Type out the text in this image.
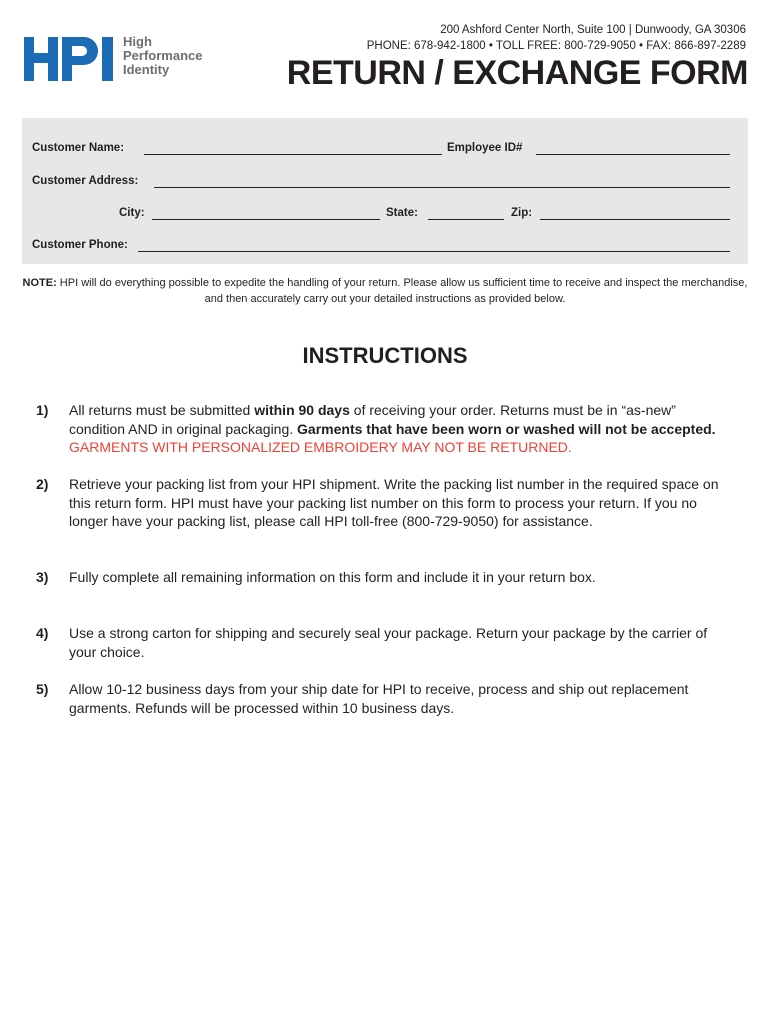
High
Performance
Identity
200 Ashford Center North, Suite 100 | Dunwoody, GA 30306
PHONE: 678-942-1800 • TOLL FREE: 800-729-9050 • FAX: 866-897-2289
RETURN / EXCHANGE FORM
Customer Name:	Employee ID#
Customer Address:
City:	State:	Zip:
Customer Phone:
NOTE: HPI will do everything possible to expedite the handling of your return. Please allow us sufficient time to receive and inspect the merchandise, and then accurately carry out your detailed instructions as provided below.
INSTRUCTIONS
1) All returns must be submitted within 90 days of receiving your order. Returns must be in “as-new” condition AND in original packaging. Garments that have been worn or washed will not be accepted. GARMENTS WITH PERSONALIZED EMBROIDERY MAY NOT BE RETURNED.
2) Retrieve your packing list from your HPI shipment. Write the packing list number in the required space on this return form. HPI must have your packing list number on this form to process your return. If you no longer have your packing list, please call HPI toll-free (800-729-9050) for assistance.
3) Fully complete all remaining information on this form and include it in your return box.
4) Use a strong carton for shipping and securely seal your package. Return your package by the carrier of your choice.
5) Allow 10-12 business days from your ship date for HPI to receive, process and ship out replacement garments. Refunds will be processed within 10 business days.
